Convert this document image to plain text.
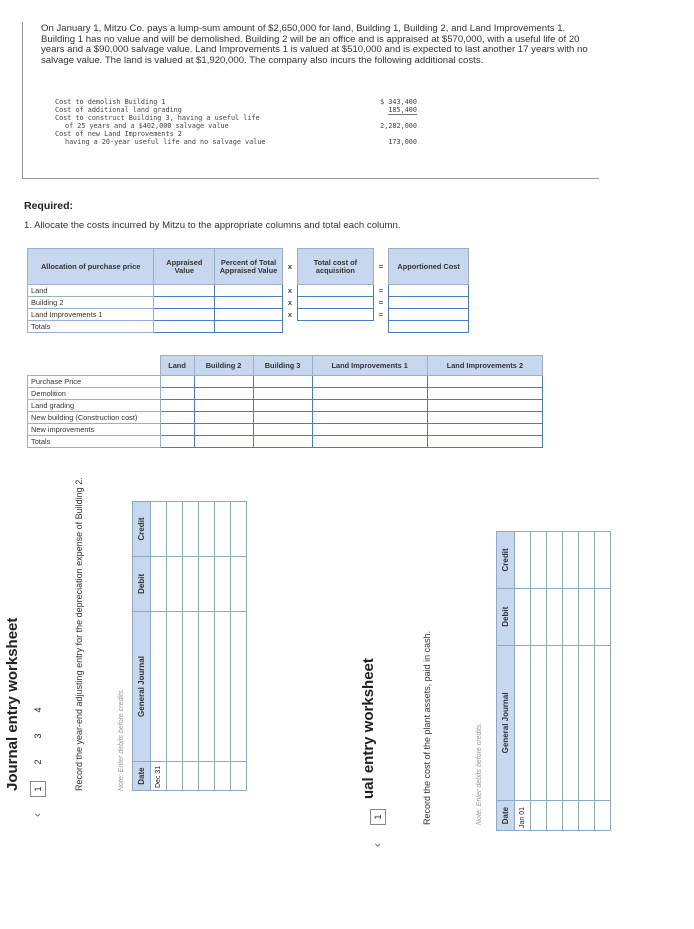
On January 1, Mitzu Co. pays a lump-sum amount of $2,650,000 for land, Building 1, Building 2, and Land Improvements 1. Building 1 has no value and will be demolished. Building 2 will be an office and is appraised at $570,000, with a useful life of 20 years and a $90,000 salvage value. Land Improvements 1 is valued at $510,000 and is expected to last another 17 years with no salvage value. The land is valued at $1,920,000. The company also incurs the following additional costs.
Cost to demolish Building 1	$ 343,400
Cost of additional land grading	185,400
Cost to construct Building 3, having a useful life
of 25 years and a $402,000 salvage value	2,282,000
Cost of new Land Improvements 2
having a 20-year useful life and no salvage value	173,000
Required:
1. Allocate the costs incurred by Mitzu to the appropriate columns and total each column.
Allocation of purchase price	Appraised Value	Percent of Total Appraised Value	x	Total cost of acquisition	=	Apportioned Cost
Land			x		=	
Building 2			x		=	
Land Improvements 1			x		=	
Totals						
	Land	Building 2	Building 3	Land Improvements 1	Land Improvements 2
Purchase Price					
Demolition					
Land grading					
New building (Construction cost)					
New improvements					
Totals					
Journal entry worksheet
‹
1
2
3
4	Record the year-end adjusting entry for the depreciation expense of Building 2.	Note: Enter debits before credits. Date	General Journal	Debit	Credit
Dec 31			

				ual entry worksheet
‹
1	Record the cost of the plant assets, paid in cash.	Note: Enter debits before credits. Date	General Journal	Debit	Credit
Jan 01			
